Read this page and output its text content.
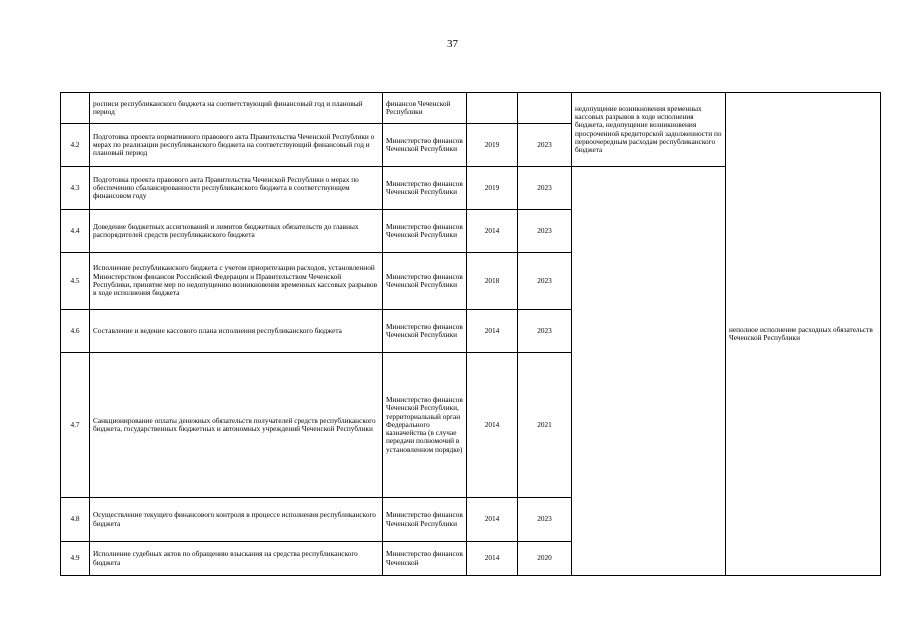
37
	росписи республиканского бюджета на соответствующий финансовый год и плановый период	финансов Чеченской Республики			недопущение возникновения временных кассовых разрывов в ходе исполнения бюджета, недопущение возникновения просроченной кредиторской задолженности по первоочередным расходам республиканского бюджета	неполное исполнение расходных обязательств Чеченской Республики
4.2	Подготовка проекта нормативного правового акта Правительства Чеченской Республики о мерах по реализации республиканского бюджета на соответствующий финансовый год и плановый период	Министерство финансов Чеченской Республики	2019	2023		
4.3	Подготовка проекта правового акта Правительства Чеченской Республики о мерах по обеспечению сбалансированности республиканского бюджета в соответствующем финансовом году	Министерство финансов Чеченской Республики	2019	2023		
4.4	Доведение бюджетных ассигнований и лимитов бюджетных обязательств до главных распорядителей средств республиканского бюджета	Министерство финансов Чеченской Республики	2014	2023		
4.5	Исполнение республиканского бюджета с учетом приоритезации расходов, установленной Министерством финансов Российской Федерации и Правительством Чеченской Республики, принятие мер по недопущению возникновения временных кассовых разрывов в ходе исполнения бюджета	Министерство финансов Чеченской Республики	2018	2023		
4.6	Составление и ведение кассового плана исполнения республиканского бюджета	Министерство финансов Чеченской Республики	2014	2023		
4.7	Санкционирование оплаты денежных обязательств получателей средств республиканского бюджета, государственных бюджетных и автономных учреждений Чеченской Республики	Министерство финансов Чеченской Республики, территориальный орган Федерального казначейства (в случае передачи полномочий в установленном порядке)	2014	2021		
4.8	Осуществление текущего финансового контроля в процессе исполнения республиканского бюджета	Министерство финансов Чеченской Республики	2014	2023		
4.9	Исполнение судебных актов по обращению взыскания на средства республиканского бюджета	Министерство финансов Чеченской	2014	2020		
